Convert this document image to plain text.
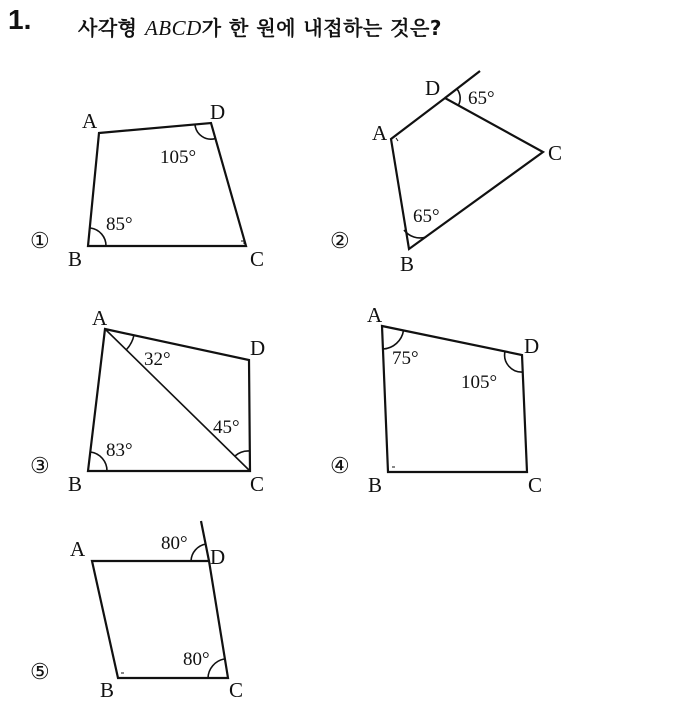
1. 사각형 ABCD가 한 원에 내접하는 것은?
A	D
B	C
105°
85°
①
A
D
C
B
65°
65°
②
A
D
B	C
32°
45°
83°
③
A
D
B	C
75°
105°
④
A	D
B	C
80°
80°
⑤
